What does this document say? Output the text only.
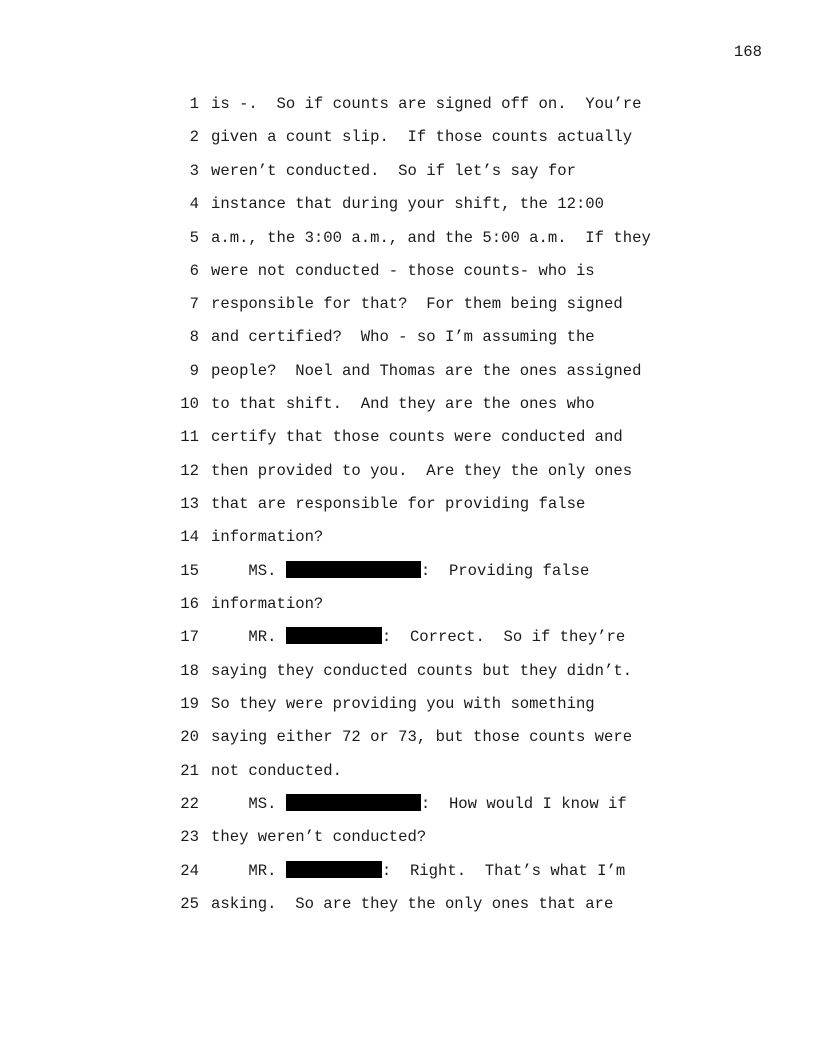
168

1

is -.  So if counts are signed off on.  You’re

2

given a count slip.  If those counts actually

3

weren’t conducted.  So if let’s say for

4

instance that during your shift, the 12:00

5

a.m., the 3:00 a.m., and the 5:00 a.m.  If they

6

were not conducted - those counts- who is

7

responsible for that?  For them being signed

8

and certified?  Who - so I’m assuming the

9

people?  Noel and Thomas are the ones assigned

10

to that shift.  And they are the ones who

11

certify that those counts were conducted and

12

then provided to you.  Are they the only ones

13

that are responsible for providing false

14

information?

15

MS.	:  Providing false

16

information?

17

MR.	:  Correct.  So if they’re

18

saying they conducted counts but they didn’t.

19

So they were providing you with something

20

saying either 72 or 73, but those counts were

21

not conducted.

22

MS.	:  How would I know if

23

they weren’t conducted?

24

MR.	:  Right.  That’s what I’m

25

asking.  So are they the only ones that are
